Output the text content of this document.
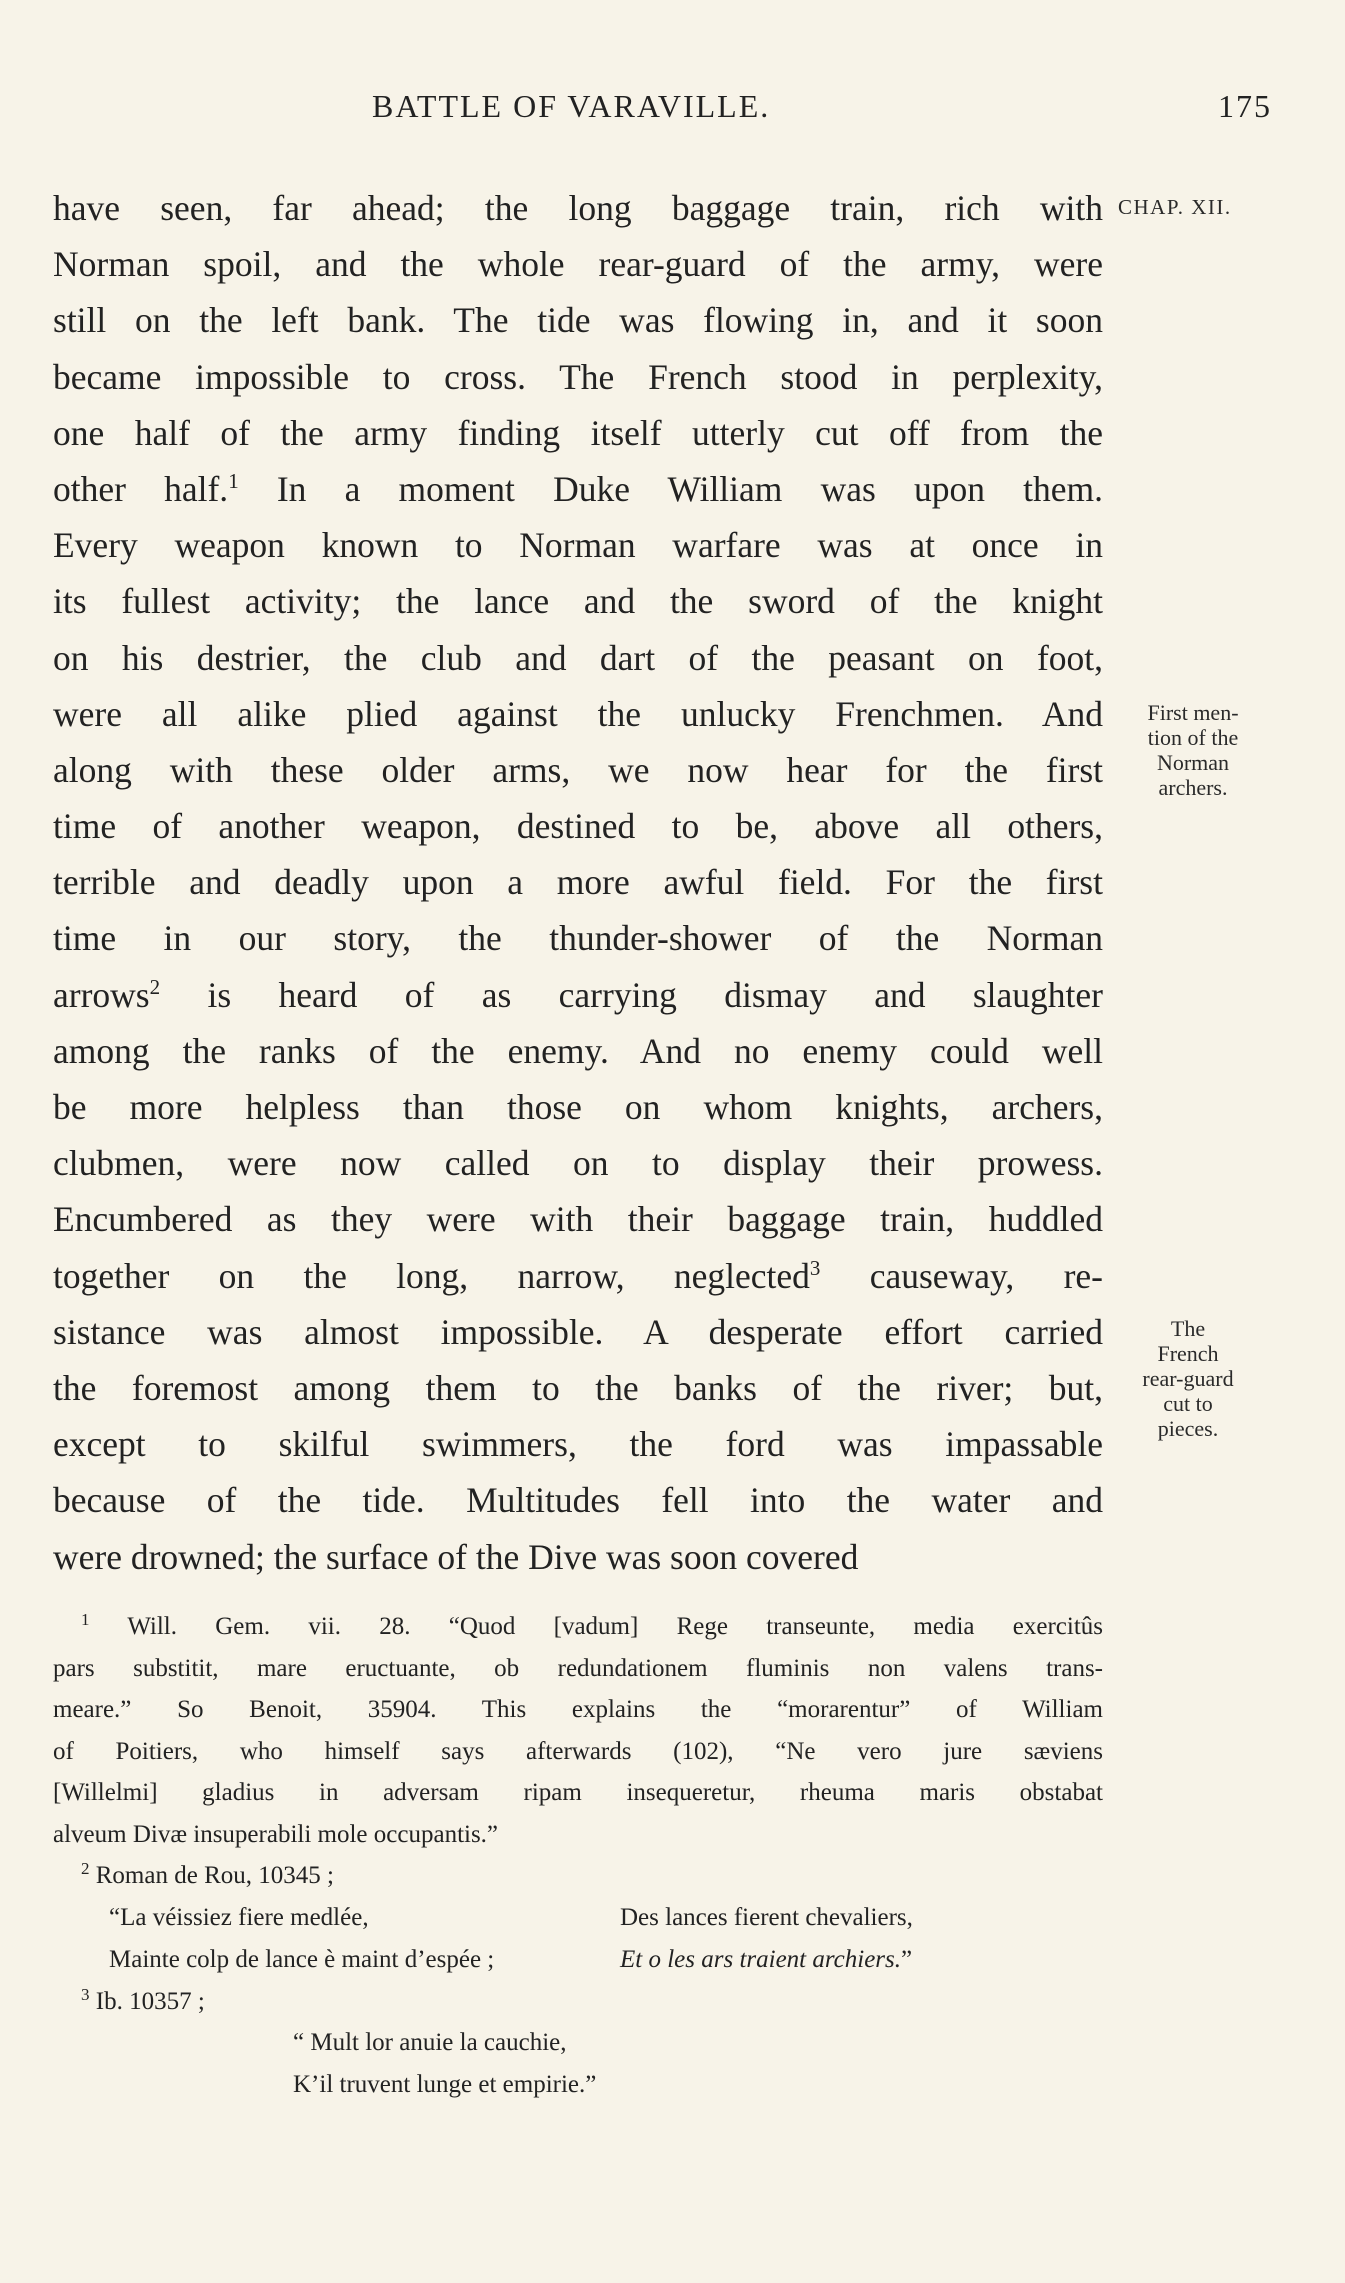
BATTLE OF VARAVILLE.	175
CHAP. XII.
have seen, far ahead; the long baggage train, rich with
Norman spoil, and the whole rear-guard of the army, were
still on the left bank. The tide was flowing in, and it soon
became impossible to cross. The French stood in perplexity,
one half of the army finding itself utterly cut off from the
other half.$^1$ In a moment Duke William was upon them.
Every weapon known to Norman warfare was at once in
its fullest activity; the lance and the sword of the knight
on his destrier, the club and dart of the peasant on foot,
were all alike plied against the unlucky Frenchmen. And
along with these older arms, we now hear for the first
time of another weapon, destined to be, above all others,
terrible and deadly upon a more awful field. For the first
time in our story, the thunder-shower of the Norman
arrows$^2$ is heard of as carrying dismay and slaughter
among the ranks of the enemy. And no enemy could well
be more helpless than those on whom knights, archers,
clubmen, were now called on to display their prowess.
Encumbered as they were with their baggage train, huddled
together on the long, narrow, neglected$^3$ causeway, re-
sistance was almost impossible. A desperate effort carried
the foremost among them to the banks of the river; but,
except to skilful swimmers, the ford was impassable
because of the tide. Multitudes fell into the water and
were drowned; the surface of the Dive was soon covered
First men-
tion of the
Norman
archers.
The
French
rear-guard
cut to
pieces.
$^1$ Will. Gem. vii. 28. “Quod [vadum] Rege transeunte, media exercitûs
pars substitit, mare eructuante, ob redundationem fluminis non valens trans-
meare.” So Benoit, 35904. This explains the “morarentur” of William
of Poitiers, who himself says afterwards (102), “Ne vero jure sæviens
[Willelmi] gladius in adversam ripam insequeretur, rheuma maris obstabat
alveum Divæ insuperabili mole occupantis.”
$^2$ Roman de Rou, 10345 ;
“La véissiez fiere medlée,	Des lances fierent chevaliers,
Mainte colp de lance è maint d’espée ;	Et o les ars traient archiers.”
$^3$ Ib. 10357 ;
“ Mult lor anuie la cauchie,
K’il truvent lunge et empirie.”
